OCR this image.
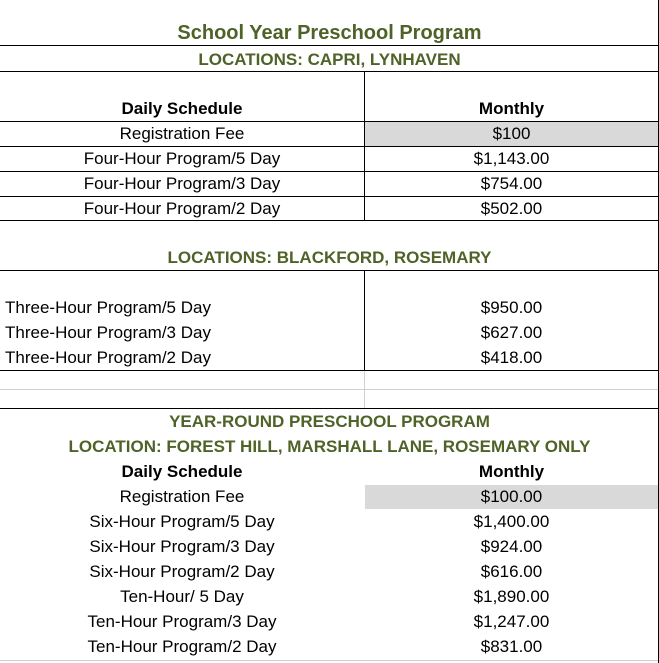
School Year Preschool Program
LOCATIONS: CAPRI, LYNHAVEN
Daily Schedule	Monthly
Registration Fee	$100
Four-Hour Program/5 Day	$1,143.00
Four-Hour Program/3 Day	$754.00
Four-Hour Program/2 Day	$502.00
LOCATIONS: BLACKFORD, ROSEMARY
Three-Hour Program/5 Day	$950.00
Three-Hour Program/3 Day	$627.00
Three-Hour Program/2 Day	$418.00
YEAR-ROUND PRESCHOOL PROGRAM
LOCATION: FOREST HILL, MARSHALL LANE, ROSEMARY ONLY
Daily Schedule	Monthly
Registration Fee	$100.00
Six-Hour Program/5 Day	$1,400.00
Six-Hour Program/3 Day	$924.00
Six-Hour Program/2 Day	$616.00
Ten-Hour/ 5 Day	$1,890.00
Ten-Hour Program/3 Day	$1,247.00
Ten-Hour Program/2 Day	$831.00
